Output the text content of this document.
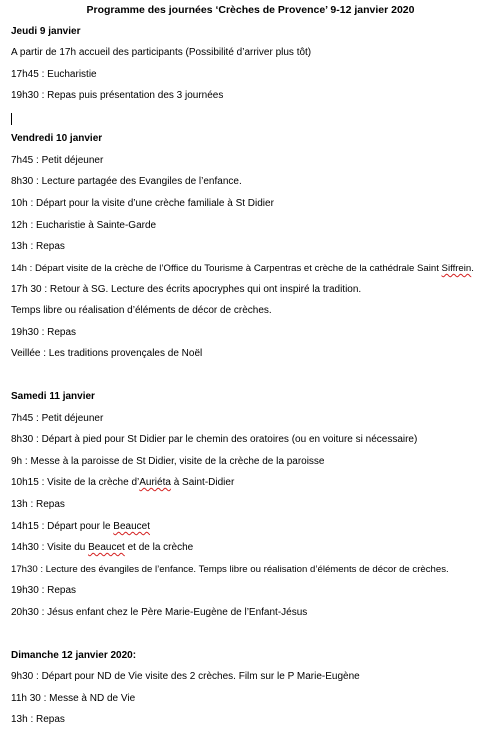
Programme des journées ‘Crèches de Provence’ 9-12 janvier 2020
Jeudi 9 janvier
A partir de 17h accueil des participants (Possibilité d’arriver plus tôt)
17h45 : Eucharistie
19h30 : Repas puis présentation des 3 journées
Vendredi 10 janvier
7h45 : Petit déjeuner
8h30 : Lecture partagée des Evangiles de l’enfance.
10h : Départ pour la visite d’une crèche familiale à St Didier
12h : Eucharistie à Sainte-Garde
13h : Repas
14h : Départ visite de la crèche de l’Office du Tourisme à Carpentras et crèche de la cathédrale Saint Siffrein.
17h 30 : Retour à SG. Lecture des écrits apocryphes qui ont inspiré la tradition.
Temps libre ou réalisation d’éléments de décor de crèches.
19h30 : Repas
Veillée : Les traditions provençales de Noël
Samedi 11 janvier
7h45 : Petit déjeuner
8h30 : Départ à pied pour St Didier par le chemin des oratoires (ou en voiture si nécessaire)
9h : Messe à la paroisse de St Didier, visite de la crèche de la paroisse
10h15 : Visite de la crèche d’Auriéta à Saint-Didier
13h : Repas
14h15 : Départ pour le Beaucet
14h30 : Visite du Beaucet et de la crèche
17h30 : Lecture des évangiles de l’enfance. Temps libre ou réalisation d’éléments de décor de crèches.
19h30 : Repas
20h30 : Jésus enfant chez le Père Marie-Eugène de l’Enfant-Jésus
Dimanche 12 janvier 2020:
9h30 : Départ pour ND de Vie visite des 2 crèches. Film sur le P Marie-Eugène
11h 30 : Messe à ND de Vie
13h : Repas
